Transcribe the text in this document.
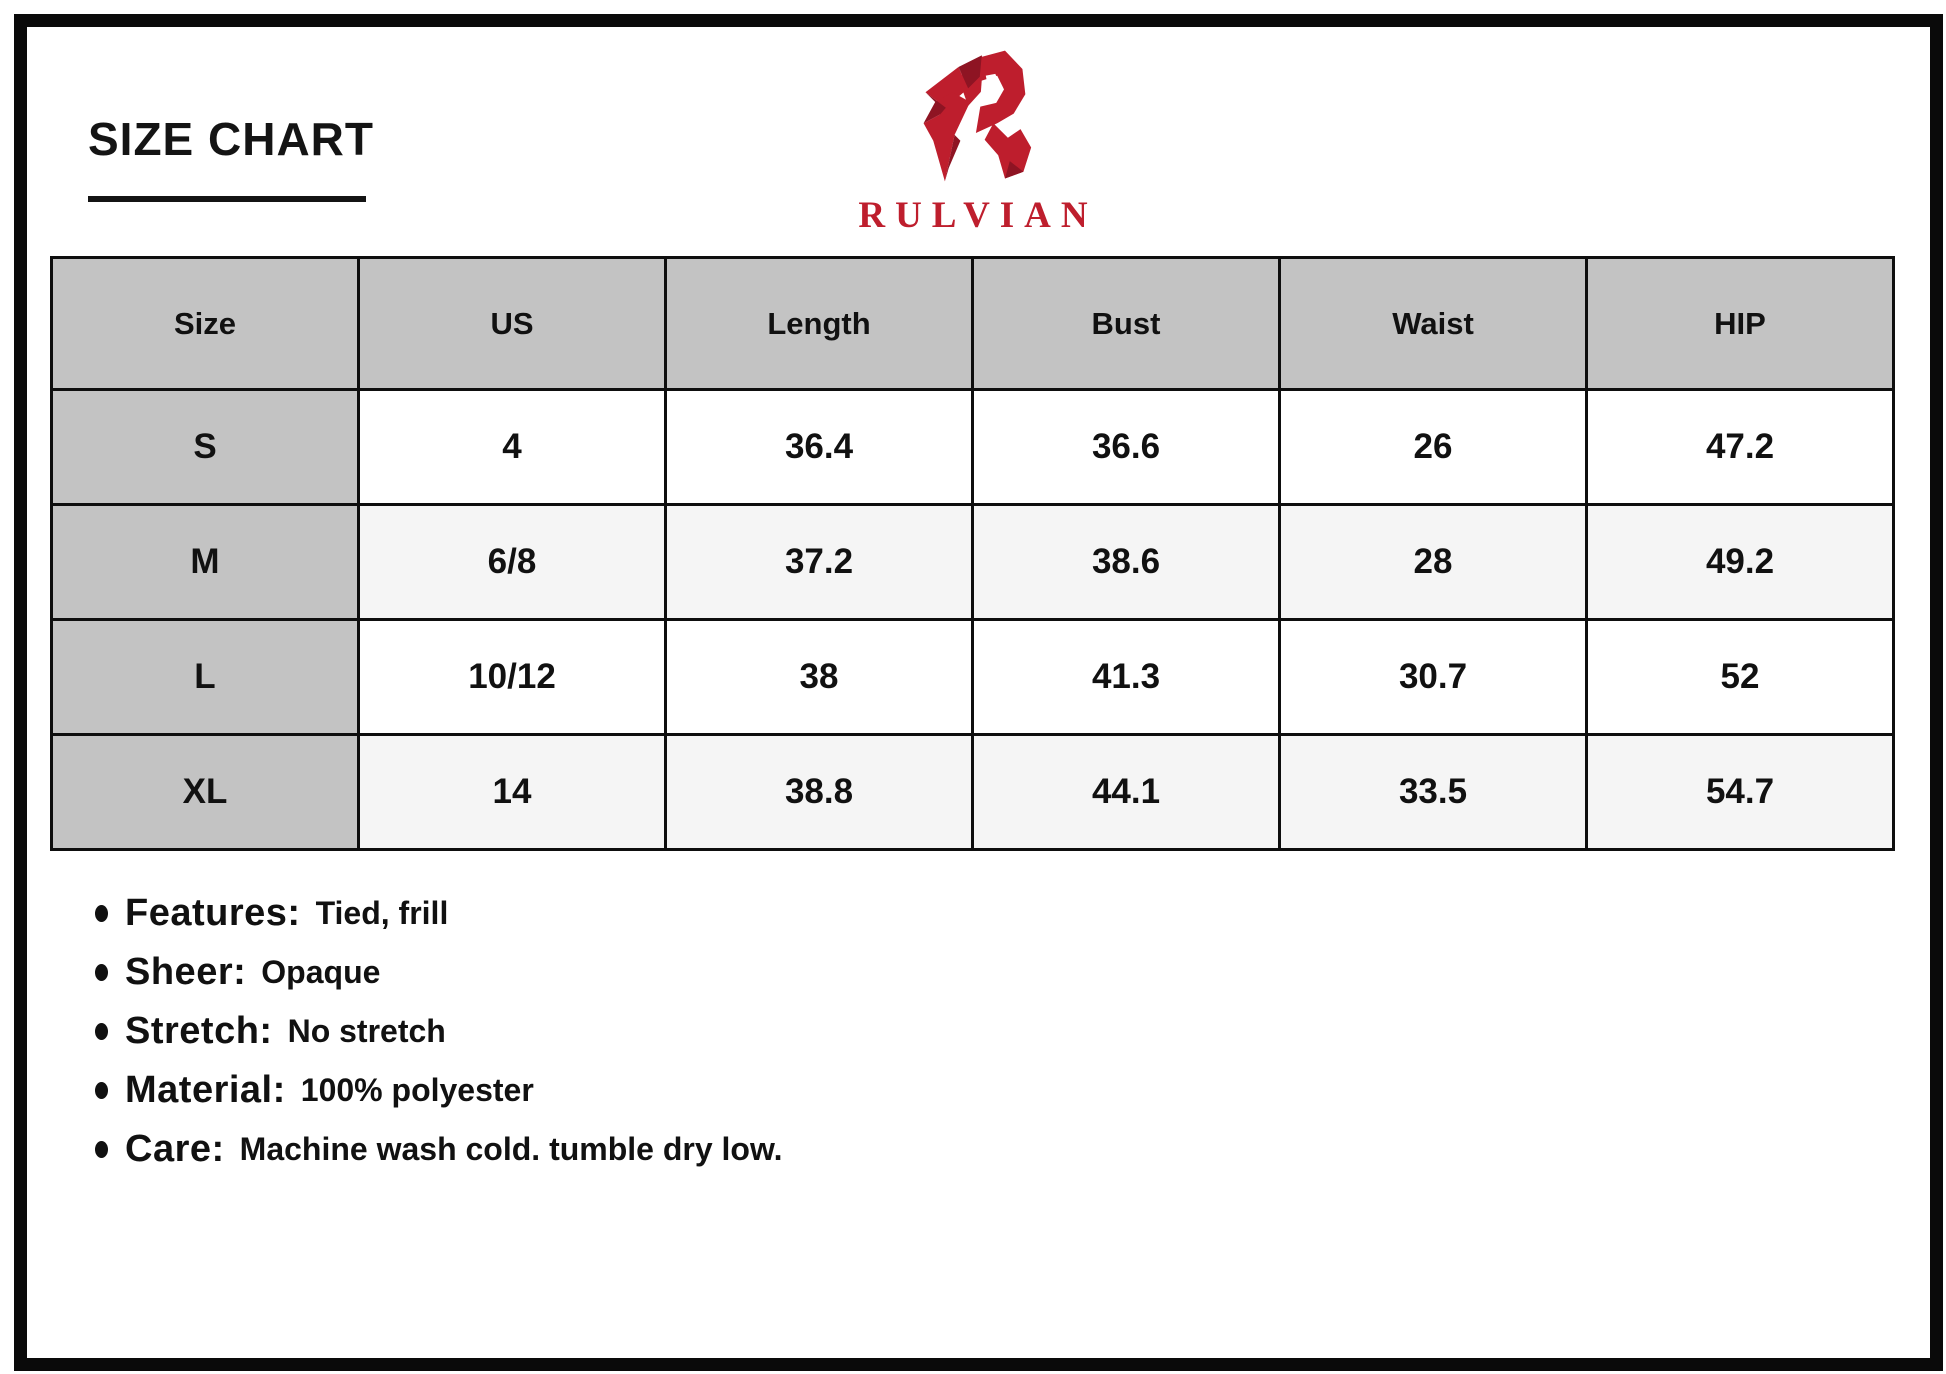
SIZE CHART
RULVIAN
Size	US	Length	Bust	Waist	HIP
S	4	36.4	36.6	26	47.2
M	6/8	37.2	38.6	28	49.2
L	10/12	38	41.3	30.7	52
XL	14	38.8	44.1	33.5	54.7
Features: Tied, frill
Sheer: Opaque
Stretch: No stretch
Material: 100% polyester
Care: Machine wash cold. tumble dry low.
